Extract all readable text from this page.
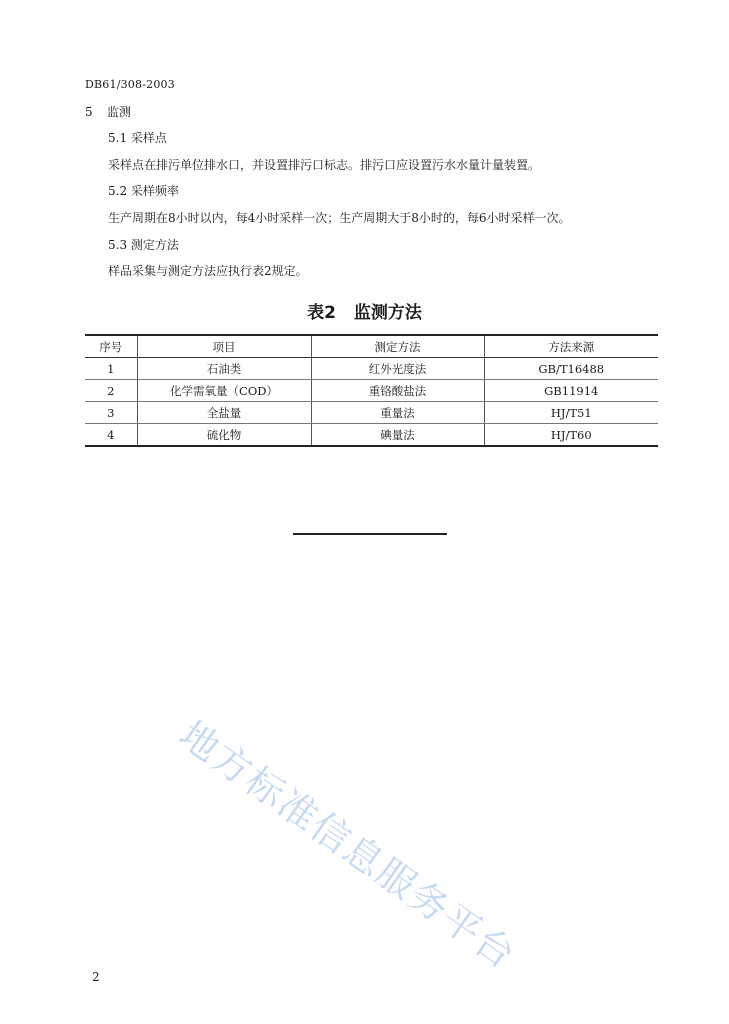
DB61/308-2003
5 监测
5.1 采样点
采样点在排污单位排水口，并设置排污口标志。排污口应设置污水水量计量装置。
5.2 采样频率
生产周期在8小时以内，每4小时采样一次；生产周期大于8小时的，每6小时采样一次。
5.3 测定方法
样品采集与测定方法应执行表2规定。
表2 监测方法
序号	项目	测定方法	方法来源
1	石油类	红外光度法	GB/T16488
2	化学需氧量（COD）	重铬酸盐法	GB11914
3	全盐量	重量法	HJ/T51
4	硫化物	碘量法	HJ/T60
地方标准信息服务平台
2
